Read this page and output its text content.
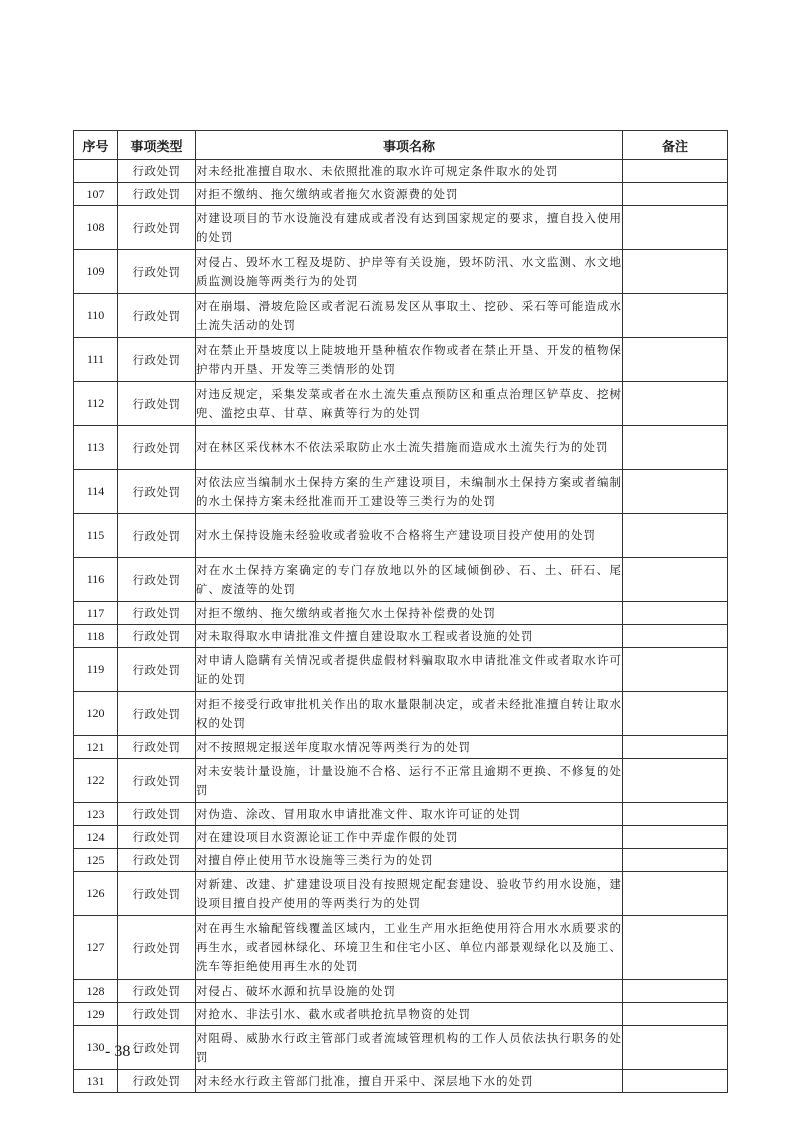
序号	事项类型	事项名称	备注
	行政处罚	对未经批准擅自取水、未依照批准的取水许可规定条件取水的处罚	
107	行政处罚	对拒不缴纳、拖欠缴纳或者拖欠水资源费的处罚	
108	行政处罚	对建设项目的节水设施没有建成或者没有达到国家规定的要求，擅自投入使用的处罚	
109	行政处罚	对侵占、毁坏水工程及堤防、护岸等有关设施，毁坏防汛、水文监测、水文地质监测设施等两类行为的处罚	
110	行政处罚	对在崩塌、滑坡危险区或者泥石流易发区从事取土、挖砂、采石等可能造成水土流失活动的处罚	
111	行政处罚	对在禁止开垦坡度以上陡坡地开垦种植农作物或者在禁止开垦、开发的植物保护带内开垦、开发等三类情形的处罚	
112	行政处罚	对违反规定，采集发菜或者在水土流失重点预防区和重点治理区铲草皮、挖树兜、滥挖虫草、甘草、麻黄等行为的处罚	
113	行政处罚	对在林区采伐林木不依法采取防止水土流失措施而造成水土流失行为的处罚	
114	行政处罚	对依法应当编制水土保持方案的生产建设项目，未编制水土保持方案或者编制的水土保持方案未经批准而开工建设等三类行为的处罚	
115	行政处罚	对水土保持设施未经验收或者验收不合格将生产建设项目投产使用的处罚	
116	行政处罚	对在水土保持方案确定的专门存放地以外的区域倾倒砂、石、土、矸石、尾矿、废渣等的处罚	
117	行政处罚	对拒不缴纳、拖欠缴纳或者拖欠水土保持补偿费的处罚	
118	行政处罚	对未取得取水申请批准文件擅自建设取水工程或者设施的处罚	
119	行政处罚	对申请人隐瞒有关情况或者提供虚假材料骗取取水申请批准文件或者取水许可证的处罚	
120	行政处罚	对拒不接受行政审批机关作出的取水量限制决定，或者未经批准擅自转让取水权的处罚	
121	行政处罚	对不按照规定报送年度取水情况等两类行为的处罚	
122	行政处罚	对未安装计量设施，计量设施不合格、运行不正常且逾期不更换、不修复的处罚	
123	行政处罚	对伪造、涂改、冒用取水申请批准文件、取水许可证的处罚	
124	行政处罚	对在建设项目水资源论证工作中弄虚作假的处罚	
125	行政处罚	对擅自停止使用节水设施等三类行为的处罚	
126	行政处罚	对新建、改建、扩建建设项目没有按照规定配套建设、验收节约用水设施，建设项目擅自投产使用的等两类行为的处罚	
127	行政处罚	对在再生水输配管线覆盖区域内，工业生产用水拒绝使用符合用水水质要求的再生水，或者园林绿化、环境卫生和住宅小区、单位内部景观绿化以及施工、洗车等拒绝使用再生水的处罚	
128	行政处罚	对侵占、破坏水源和抗旱设施的处罚	
129	行政处罚	对抢水、非法引水、截水或者哄抢抗旱物资的处罚	
130	行政处罚	对阻碍、威胁水行政主管部门或者流域管理机构的工作人员依法执行职务的处罚	
131	行政处罚	对未经水行政主管部门批准，擅自开采中、深层地下水的处罚	
- 38 -
